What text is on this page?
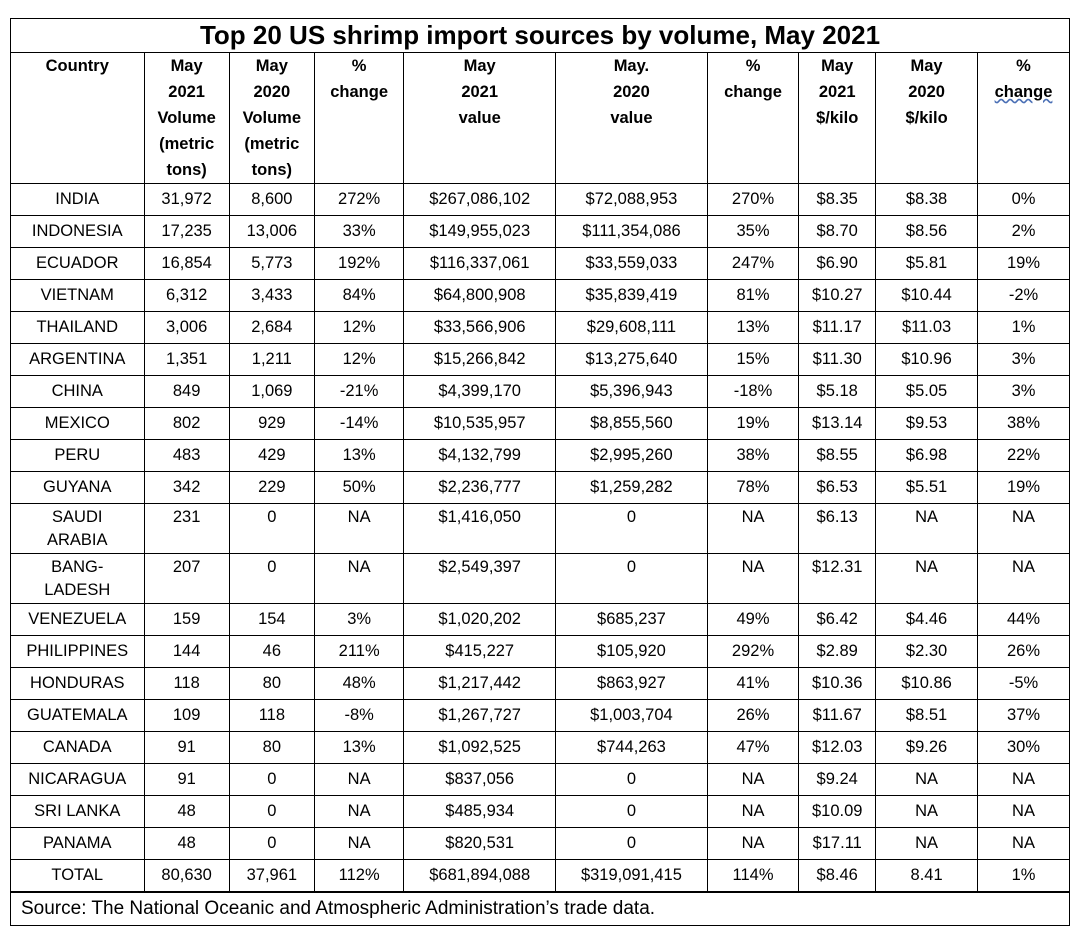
Top 20 US shrimp import sources by volume, May 2021
Country	May
2021
Volume
(metric
tons)	May
2020
Volume
(metric
tons)	%
change	May
2021
value	May.
2020
value	%
change	May
2021
$/kilo	May
2020
$/kilo	%
change

INDIA	31,972	8,600	272%	$267,086,102	$72,088,953	270%	$8.35	$8.38	0%
INDONESIA	17,235	13,006	33%	$149,955,023	$111,354,086	35%	$8.70	$8.56	2%
ECUADOR	16,854	5,773	192%	$116,337,061	$33,559,033	247%	$6.90	$5.81	19%
VIETNAM	6,312	3,433	84%	$64,800,908	$35,839,419	81%	$10.27	$10.44	-2%
THAILAND	3,006	2,684	12%	$33,566,906	$29,608,111	13%	$11.17	$11.03	1%
ARGENTINA	1,351	1,211	12%	$15,266,842	$13,275,640	15%	$11.30	$10.96	3%
CHINA	849	1,069	-21%	$4,399,170	$5,396,943	-18%	$5.18	$5.05	3%
MEXICO	802	929	-14%	$10,535,957	$8,855,560	19%	$13.14	$9.53	38%
PERU	483	429	13%	$4,132,799	$2,995,260	38%	$8.55	$6.98	22%
GUYANA	342	229	50%	$2,236,777	$1,259,282	78%	$6.53	$5.51	19%
SAUDI
ARABIA	231	0	NA	$1,416,050	0	NA	$6.13	NA	NA
BANG-
LADESH	207	0	NA	$2,549,397	0	NA	$12.31	NA	NA
VENEZUELA	159	154	3%	$1,020,202	$685,237	49%	$6.42	$4.46	44%
PHILIPPINES	144	46	211%	$415,227	$105,920	292%	$2.89	$2.30	26%
HONDURAS	118	80	48%	$1,217,442	$863,927	41%	$10.36	$10.86	-5%
GUATEMALA	109	118	-8%	$1,267,727	$1,003,704	26%	$11.67	$8.51	37%
CANADA	91	80	13%	$1,092,525	$744,263	47%	$12.03	$9.26	30%
NICARAGUA	91	0	NA	$837,056	0	NA	$9.24	NA	NA
SRI LANKA	48	0	NA	$485,934	0	NA	$10.09	NA	NA
PANAMA	48	0	NA	$820,531	0	NA	$17.11	NA	NA
TOTAL	80,630	37,961	112%	$681,894,088	$319,091,415	114%	$8.46	8.41	1%
Source: The National Oceanic and Atmospheric Administration’s trade data.
